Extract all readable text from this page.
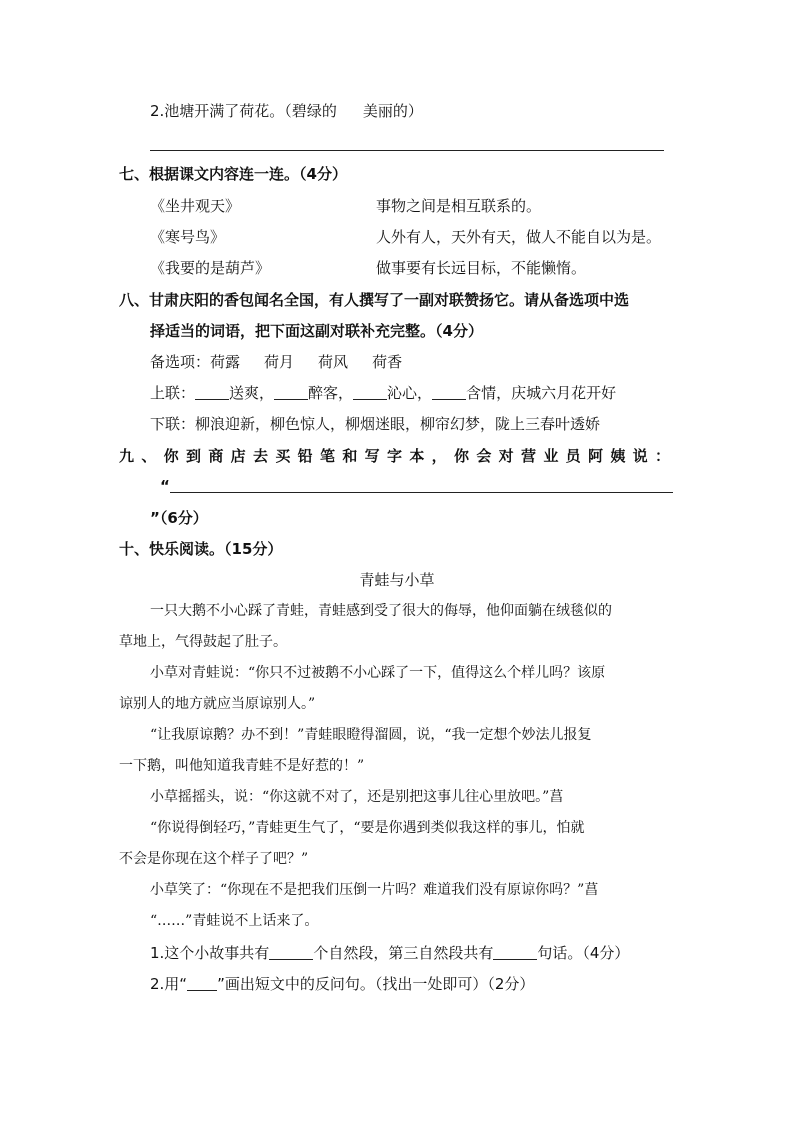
2.池塘开满了荷花。（碧绿的 美丽的）
七、根据课文内容连一连。（4分）
《坐井观天》
《寒号鸟》
《我要的是葫芦》
事物之间是相互联系的。
人外有人，天外有天，做人不能自以为是。
做事要有长远目标，不能懒惰。
八、甘肃庆阳的香包闻名全国，有人撰写了一副对联赞扬它。请从备选项中选
择适当的词语，把下面这副对联补充完整。（4分）
备选项：荷露 荷月 荷风 荷香
上联： 送爽， 醉客， 沁心， 含情，庆城六月花开好
下联：柳浪迎新，柳色惊人，柳烟迷眼，柳帘幻梦，陇上三春叶透娇
九、你到商店去买铅笔和写字本，你会对营业员阿姨说：
“
”（6分）
十、快乐阅读。（15分）
青蛙与小草
一只大鹅不小心踩了青蛙，青蛙感到受了很大的侮辱，他仰面躺在绒毯似的
草地上，气得鼓起了肚子。
小草对青蛙说：“你只不过被鹅不小心踩了一下，值得这么个样儿吗？该原
谅别人的地方就应当原谅别人。”
“让我原谅鹅？办不到！”青蛙眼瞪得溜圆，说，“我一定想个妙法儿报复
一下鹅，叫他知道我青蛙不是好惹的！”
小草摇摇头，说：“你这就不对了，还是别把这事儿往心里放吧。”菖
“你说得倒轻巧，”青蛙更生气了，“要是你遇到类似我这样的事儿，怕就
不会是你现在这个样子了吧？”
小草笑了：“你现在不是把我们压倒一片吗？难道我们没有原谅你吗？”菖
“……”青蛙说不上话来了。
1.这个小故事共有	个自然段，第三自然段共有	句话。（4分）
2.用“ ”画出短文中的反问句。（找出一处即可）（2分）
